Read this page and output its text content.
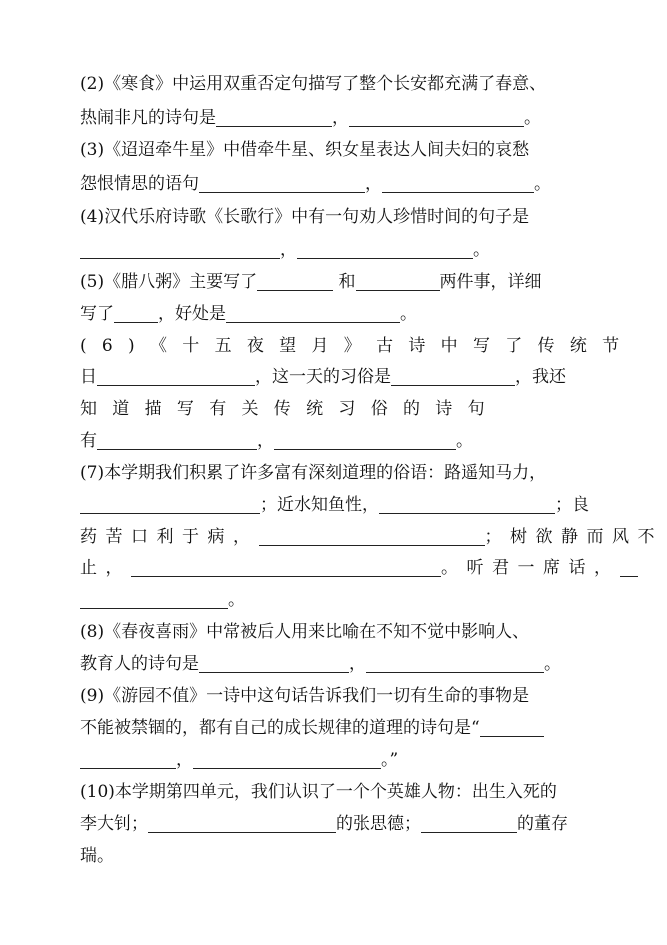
(2)《寒食》中运用双重否定句描写了整个长安都充满了春意、
热闹非凡的诗句是	，	。
(3)《迢迢牵牛星》中借牵牛星、织女星表达人间夫妇的哀愁
怨恨情思的语句	，	。
(4)汉代乐府诗歌《长歌行》中有一句劝人珍惜时间的句子是
，	。
(5)《腊八粥》主要写了	和	两件事，详细
写了	，好处是	。
(6)《十五夜望月》古诗中写了传统节
日	，这一天的习俗是	，我还
知道描写有关传统习俗的诗句
有	，	。
(7)本学期我们积累了许多富有深刻道理的俗语：路遥知马力，
；近水知鱼性，	；良
药苦口利于病，	；树欲静而风不
止，	。听君一席话，
。
(8)《春夜喜雨》中常被后人用来比喻在不知不觉中影响人、
教育人的诗句是	，	。
(9)《游园不值》一诗中这句话告诉我们一切有生命的事物是
不能被禁锢的，都有自己的成长规律的道理的诗句是“
，	。”
(10)本学期第四单元，我们认识了一个个英雄人物：出生入死的
李大钊；	的张思德；	的董存
瑞。
